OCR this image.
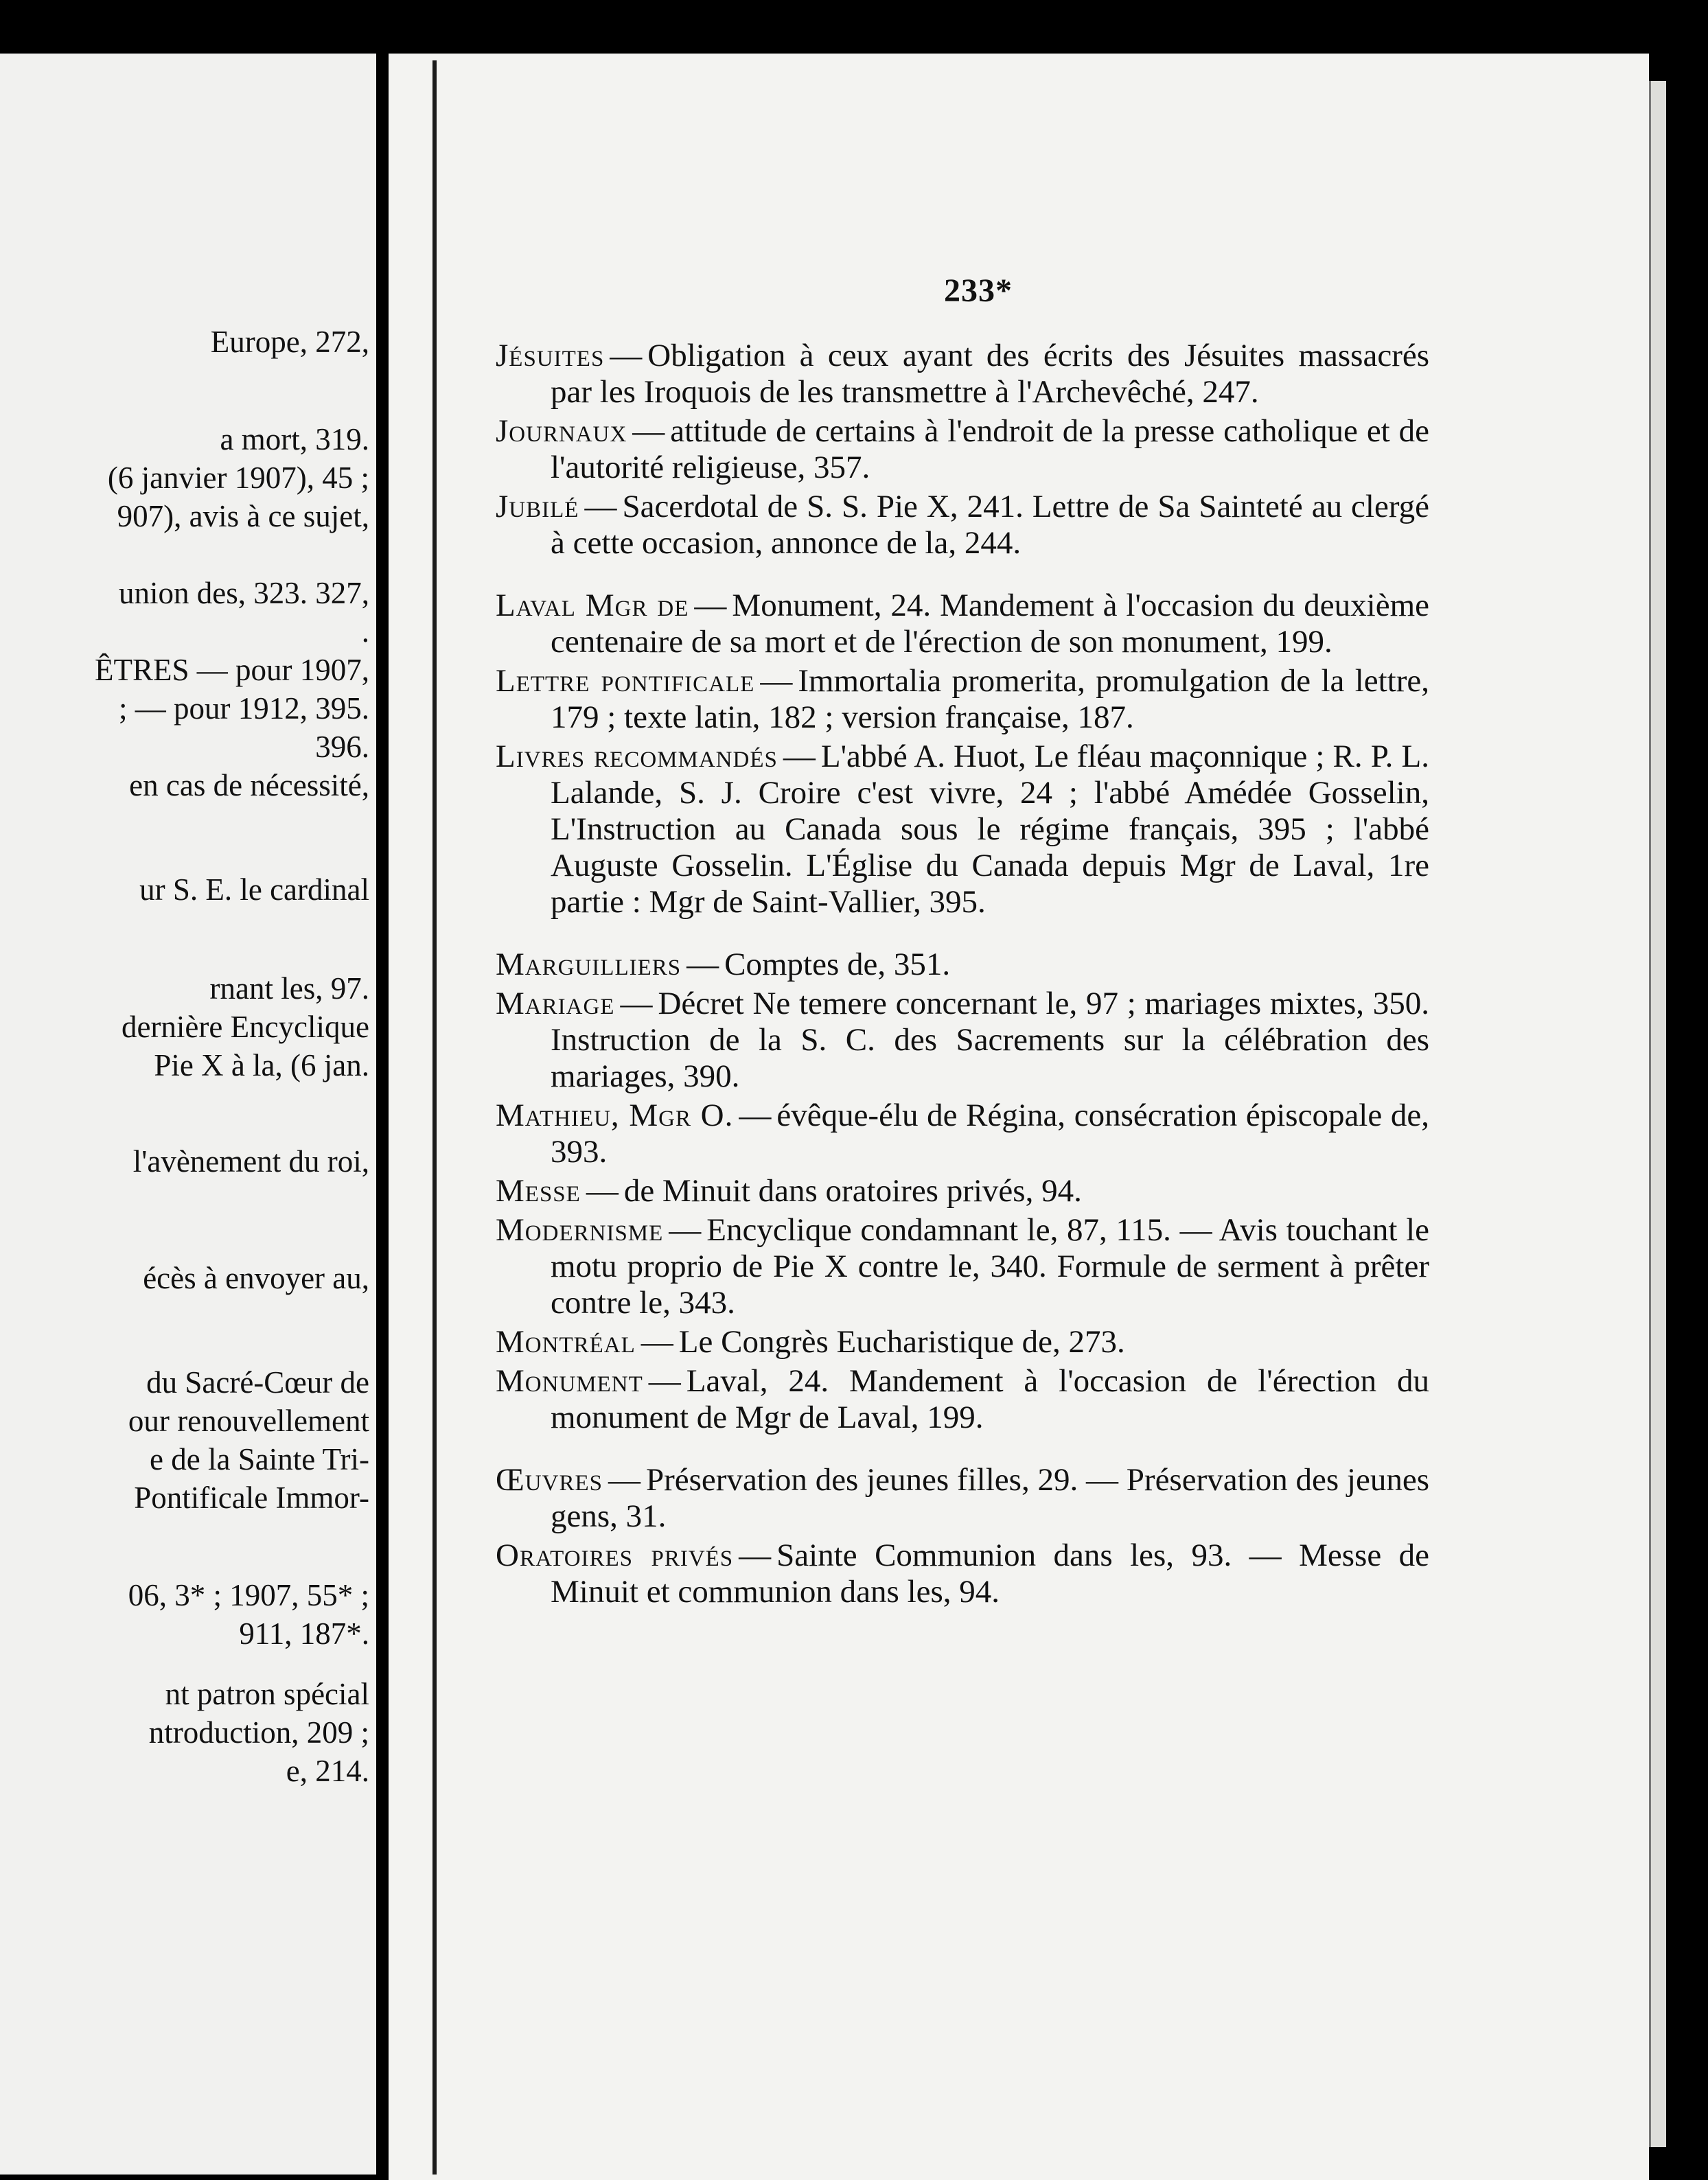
Europe, 272,
a mort, 319.
(6 janvier 1907), 45 ;
907), avis à ce sujet,
union des, 323. 327,
.
ÊTRES — pour 1907,
; — pour 1912, 395.
396.
en cas de nécessité,
ur S. E. le cardinal
rnant les, 97.
dernière Encyclique
Pie X à la, (6 jan.
l'avènement du roi,
écès à envoyer au,
du Sacré-Cœur de
our renouvellement
e de la Sainte Tri-
Pontificale Immor-
06, 3* ; 1907, 55* ;
911, 187*.
nt patron spécial
ntroduction, 209 ;
e, 214.
233*
Jésuites — Obligation à ceux ayant des écrits des Jésuites massacrés par les Iroquois de les transmettre à l'Archevêché, 247.
Journaux — attitude de certains à l'endroit de la presse catholique et de l'autorité religieuse, 357.
Jubilé — Sacerdotal de S. S. Pie X, 241. Lettre de Sa Sainteté au clergé à cette occasion, annonce de la, 244.
Laval Mgr de — Monument, 24. Mandement à l'occasion du deuxième centenaire de sa mort et de l'érection de son monument, 199.
Lettre pontificale — Immortalia promerita, promulgation de la lettre, 179 ; texte latin, 182 ; version française, 187.
Livres recommandés — L'abbé A. Huot, Le fléau maçonnique ; R. P. L. Lalande, S. J. Croire c'est vivre, 24 ; l'abbé Amédée Gosselin, L'Instruction au Canada sous le régime français, 395 ; l'abbé Auguste Gosselin. L'Église du Canada depuis Mgr de Laval, 1re partie : Mgr de Saint-Vallier, 395.
Marguilliers — Comptes de, 351.
Mariage — Décret Ne temere concernant le, 97 ; mariages mixtes, 350. Instruction de la S. C. des Sacrements sur la célébration des mariages, 390.
Mathieu, Mgr O. — évêque-élu de Régina, consécration épiscopale de, 393.
Messe — de Minuit dans oratoires privés, 94.
Modernisme — Encyclique condamnant le, 87, 115. — Avis touchant le motu proprio de Pie X contre le, 340. Formule de serment à prêter contre le, 343.
Montréal — Le Congrès Eucharistique de, 273.
Monument — Laval, 24. Mandement à l'occasion de l'érection du monument de Mgr de Laval, 199.
Œuvres — Préservation des jeunes filles, 29. — Préservation des jeunes gens, 31.
Oratoires privés — Sainte Communion dans les, 93. — Messe de Minuit et communion dans les, 94.
